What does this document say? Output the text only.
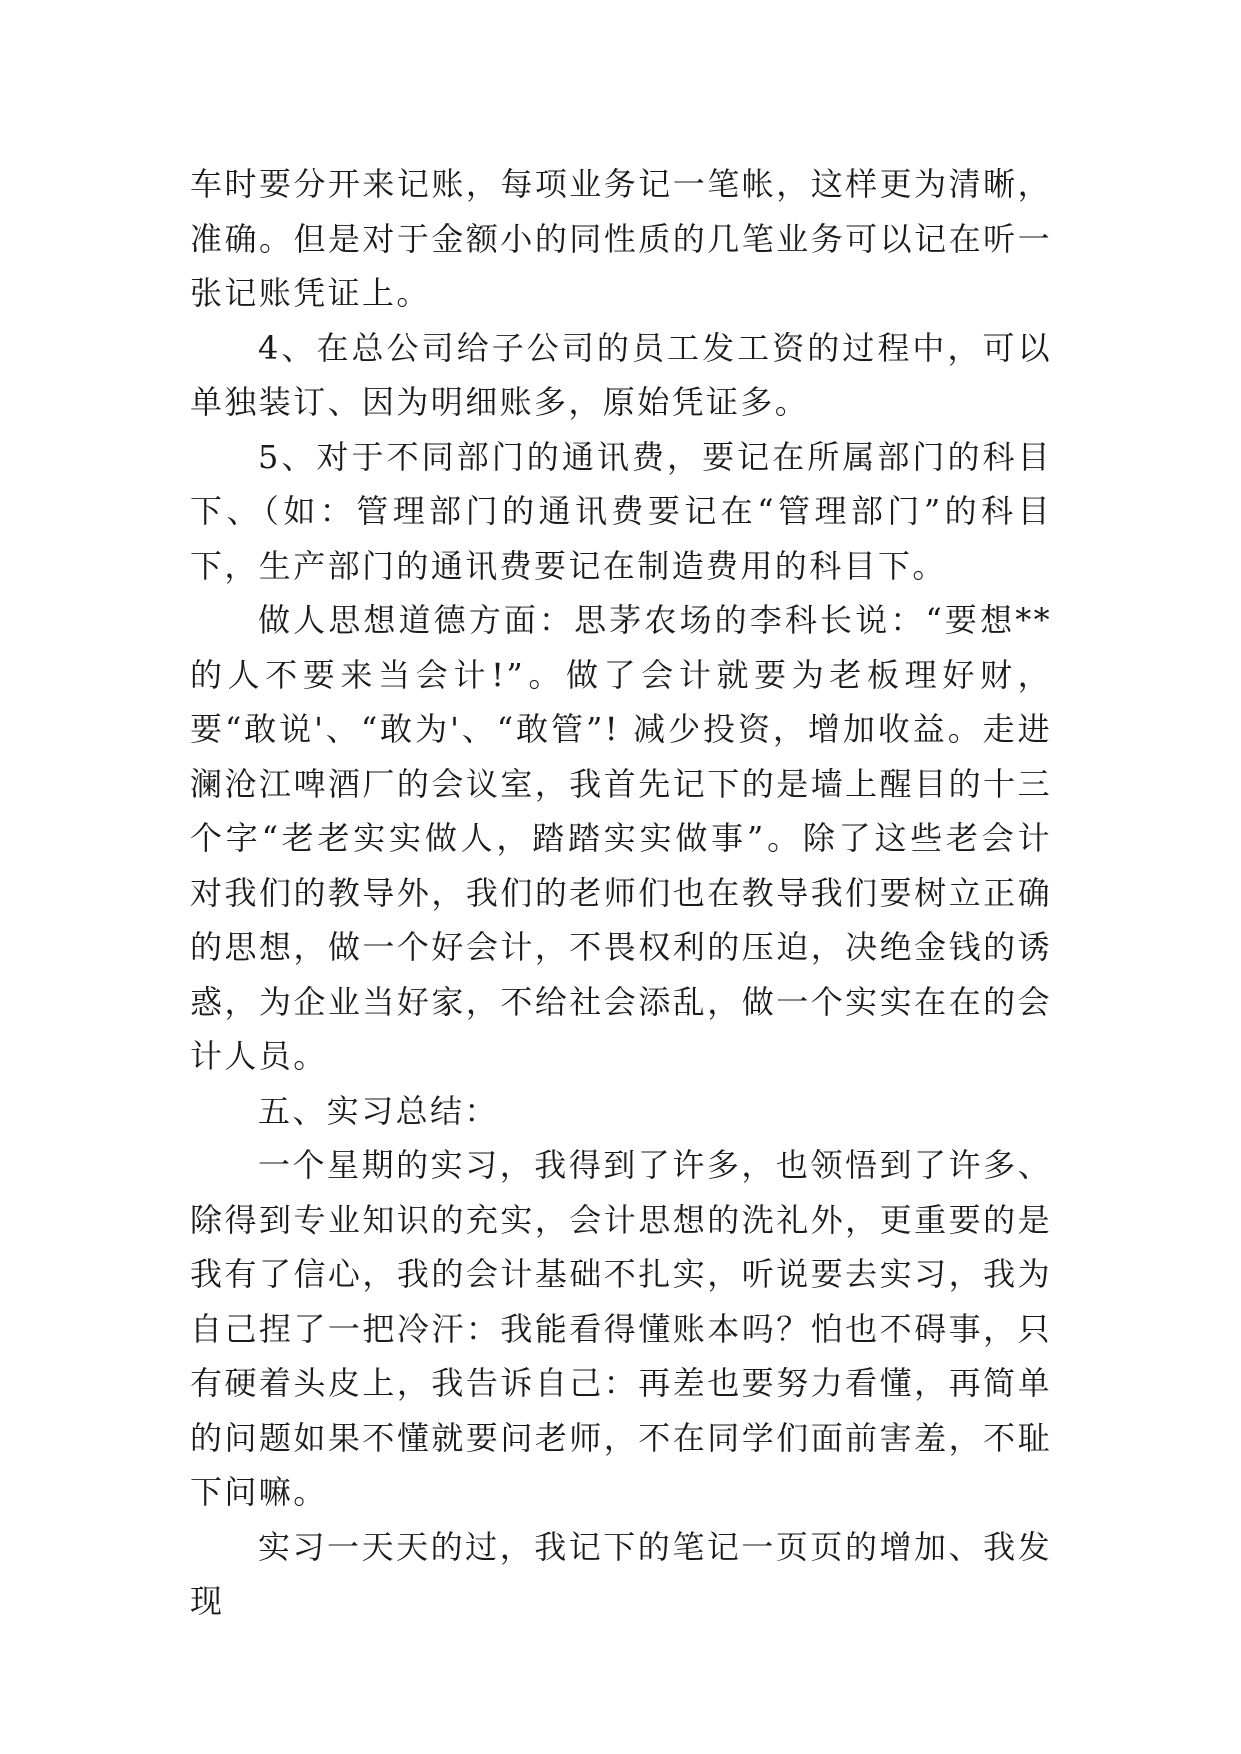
车时要分开来记账，每项业务记一笔帐，这样更为清晰，准确。但是对于金额小的同性质的几笔业务可以记在听一张记账凭证上。

4、在总公司给子公司的员工发工资的过程中，可以单独装订、因为明细账多，原始凭证多。

5、对于不同部门的通讯费，要记在所属部门的科目下、（如：管理部门的通讯费要记在“管理部门”的科目下，生产部门的通讯费要记在制造费用的科目下。

做人思想道德方面：思茅农场的李科长说：“要想**的人不要来当会计!”。做了会计就要为老板理好财，要“敢说'、“敢为'、“敢管”! 减少投资，增加收益。走进澜沧江啤酒厂的会议室，我首先记下的是墙上醒目的十三个字“老老实实做人，踏踏实实做事”。除了这些老会计对我们的教导外，我们的老师们也在教导我们要树立正确的思想，做一个好会计，不畏权利的压迫，决绝金钱的诱惑，为企业当好家，不给社会添乱，做一个实实在在的会计人员。

五、实习总结：

一个星期的实习，我得到了许多，也领悟到了许多、除得到专业知识的充实，会计思想的洗礼外，更重要的是我有了信心，我的会计基础不扎实，听说要去实习，我为自己捏了一把冷汗：我能看得懂账本吗？怕也不碍事，只有硬着头皮上，我告诉自己：再差也要努力看懂，再简单的问题如果不懂就要问老师，不在同学们面前害羞，不耻下问嘛。

实习一天天的过，我记下的笔记一页页的增加、我发现
